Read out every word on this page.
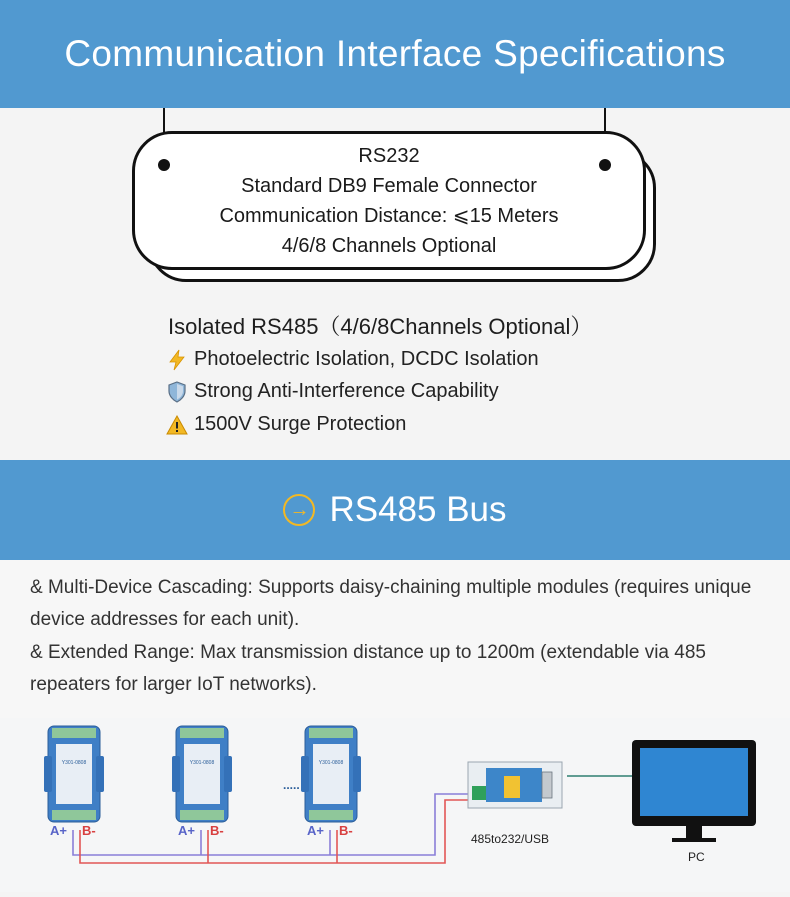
Communication Interface Specifications
RS232
Standard DB9 Female Connector
Communication Distance: ⩽15 Meters
4/6/8 Channels Optional
Isolated RS485（4/6/8Channels Optional）
Photoelectric Isolation, DCDC Isolation
Strong Anti-Interference Capability
1500V Surge Protection
→ RS485 Bus
& Multi-Device Cascading: Supports daisy-chaining multiple modules (requires unique device addresses for each unit).
& Extended Range: Max transmission distance up to 1200m (extendable via 485 repeaters for larger IoT networks).
Y301-0808	Y301-0808	Y301-0808
.....
A+ B-	A+ B-	A+ B-
485to232/USB
PC
